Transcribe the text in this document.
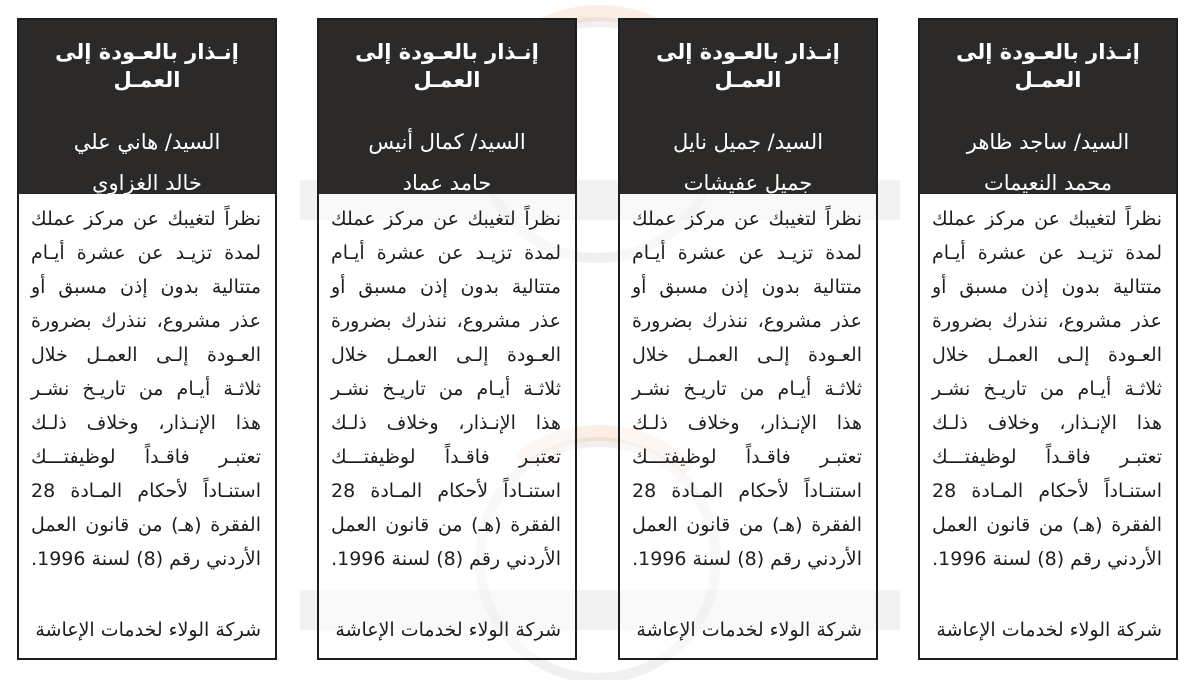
إنـذار بالعـودة إلى العمـل
السيد/ ساجد ظاهر
محمد النعيمات
نظراً لتغيبك عن مركز عملك
لمدة تزيـد عن عشرة أيـام
متتالية بدون إذن مسبق أو
عذر مشروع، ننذرك بضرورة
العـودة إلـى العمـل خلال
ثلاثـة أيـام من تاريـخ نشـر
هذا الإنـذار، وخلاف ذلـك
تعتبـر فاقـداً لوظيفتـــك
استنـاداً لأحكام المـادة 28
الفقرة (هـ) من قانون العمل
الأردني رقم (8) لسنة 1996.
شركة الولاء لخدمات الإعاشة
إنـذار بالعـودة إلى العمـل
السيد/ جميل نايل
جميل عفيشات
نظراً لتغيبك عن مركز عملك
لمدة تزيـد عن عشرة أيـام
متتالية بدون إذن مسبق أو
عذر مشروع، ننذرك بضرورة
العـودة إلـى العمـل خلال
ثلاثـة أيـام من تاريـخ نشـر
هذا الإنـذار، وخلاف ذلـك
تعتبـر فاقـداً لوظيفتـــك
استنـاداً لأحكام المـادة 28
الفقرة (هـ) من قانون العمل
الأردني رقم (8) لسنة 1996.
شركة الولاء لخدمات الإعاشة
إنـذار بالعـودة إلى العمـل
السيد/ كمال أنيس
حامد عماد
نظراً لتغيبك عن مركز عملك
لمدة تزيـد عن عشرة أيـام
متتالية بدون إذن مسبق أو
عذر مشروع، ننذرك بضرورة
العـودة إلـى العمـل خلال
ثلاثـة أيـام من تاريـخ نشـر
هذا الإنـذار، وخلاف ذلـك
تعتبـر فاقـداً لوظيفتـــك
استنـاداً لأحكام المـادة 28
الفقرة (هـ) من قانون العمل
الأردني رقم (8) لسنة 1996.
شركة الولاء لخدمات الإعاشة
إنـذار بالعـودة إلى العمـل
السيد/ هاني علي
خالد الغزاوي
نظراً لتغيبك عن مركز عملك
لمدة تزيـد عن عشرة أيـام
متتالية بدون إذن مسبق أو
عذر مشروع، ننذرك بضرورة
العـودة إلـى العمـل خلال
ثلاثـة أيـام من تاريـخ نشـر
هذا الإنـذار، وخلاف ذلـك
تعتبـر فاقـداً لوظيفتـــك
استنـاداً لأحكام المـادة 28
الفقرة (هـ) من قانون العمل
الأردني رقم (8) لسنة 1996.
شركة الولاء لخدمات الإعاشة
